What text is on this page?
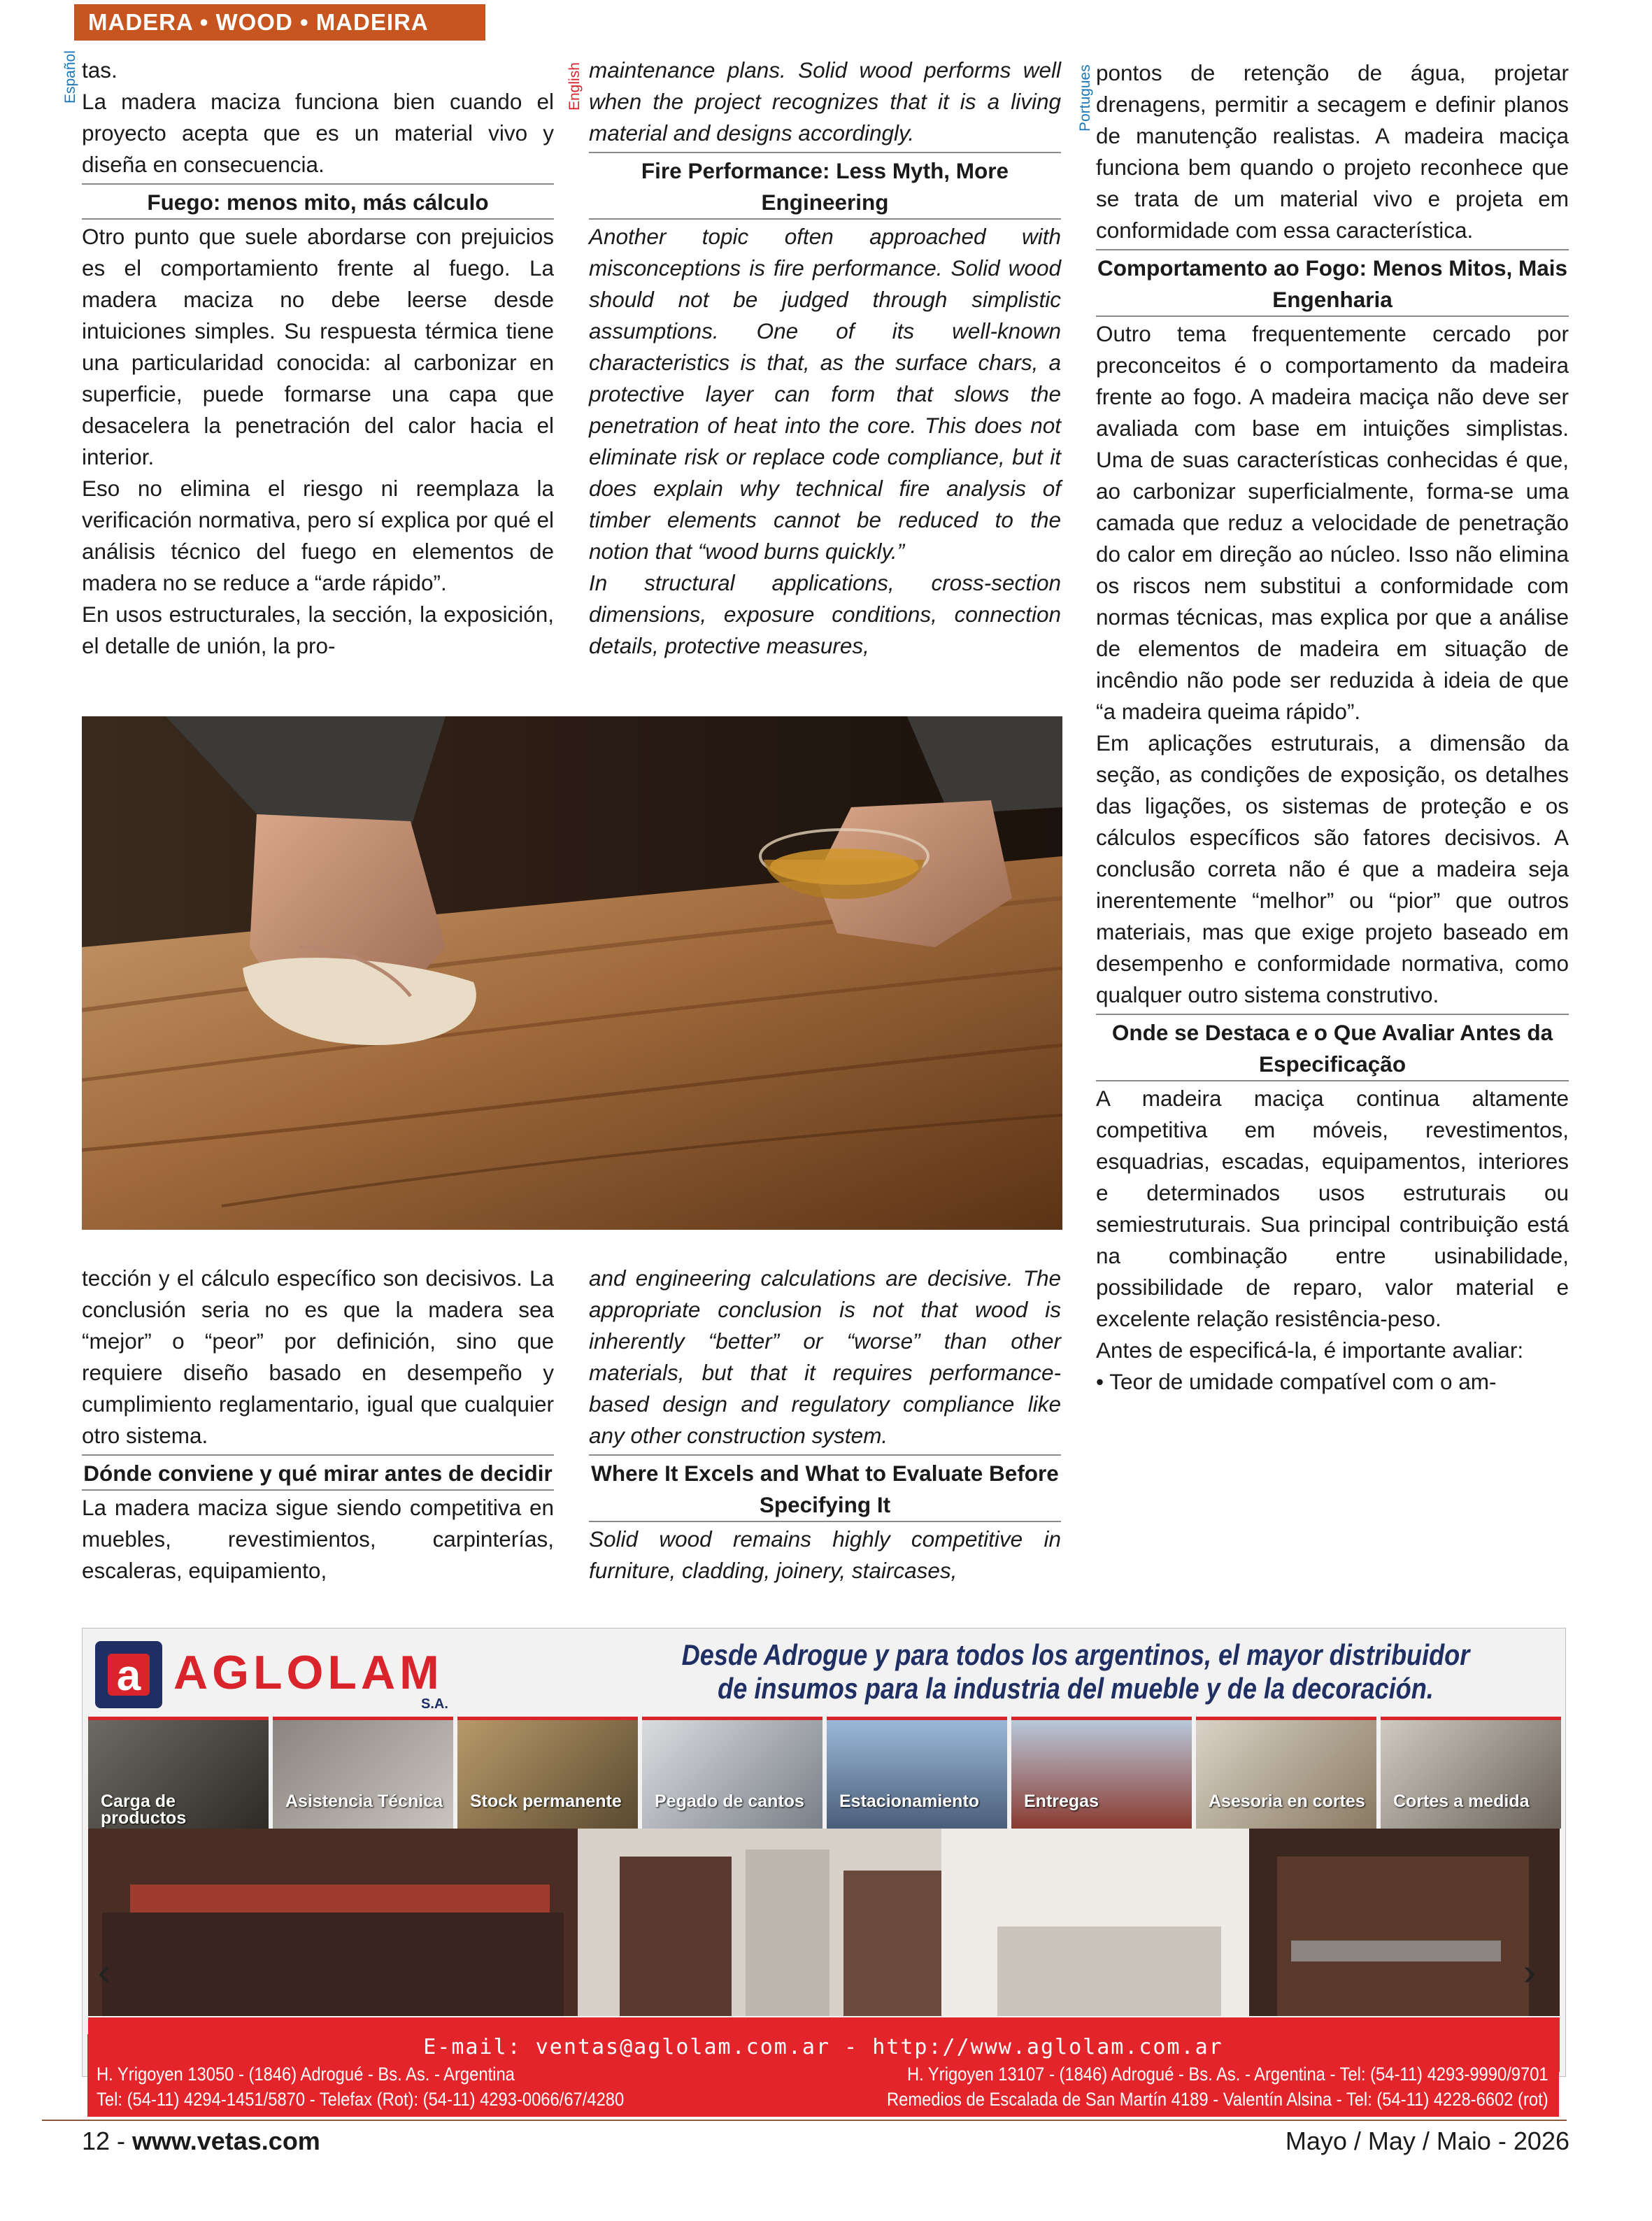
MADERA • WOOD • MADEIRA
Español	English	Portugues

tas.

La madera maciza funciona bien cuando el proyecto acepta que es un material vivo y diseña en consecuencia.

Fuego: menos mito, más cálculo

Otro punto que suele abordarse con prejuicios es el comportamiento frente al fuego. La madera maciza no debe leerse desde intuiciones simples. Su respuesta térmica tiene una particularidad conocida: al carbonizar en superficie, puede formarse una capa que desacelera la penetración del calor hacia el interior.

Eso no elimina el riesgo ni reemplaza la verificación normativa, pero sí explica por qué el análisis técnico del fuego en elementos de madera no se reduce a “arde rápido”.

En usos estructurales, la sección, la exposición, el detalle de unión, la pro-

maintenance plans. Solid wood performs well when the project recognizes that it is a living material and designs accordingly.

Fire Performance: Less Myth, More Engineering

Another topic often approached with misconceptions is fire performance. Solid wood should not be judged through simplistic assumptions. One of its well-known characteristics is that, as the surface chars, a protective layer can form that slows the penetration of heat into the core. This does not eliminate risk or replace code compliance, but it does explain why technical fire analysis of timber elements cannot be reduced to the notion that “wood burns quickly.”

In structural applications, cross-section dimensions, exposure conditions, connection details, protective measures,

pontos de retenção de água, projetar drenagens, permitir a secagem e definir planos de manutenção realistas. A madeira maciça funciona bem quando o projeto reconhece que se trata de um material vivo e projeta em conformidade com essa característica.

Comportamento ao Fogo: Menos Mitos, Mais Engenharia

Outro tema frequentemente cercado por preconceitos é o comportamento da madeira frente ao fogo. A madeira maciça não deve ser avaliada com base em intuições simplistas. Uma de suas características conhecidas é que, ao carbonizar superficialmente, forma-se uma camada que reduz a velocidade de penetração do calor em direção ao núcleo. Isso não elimina os riscos nem substitui a conformidade com normas técnicas, mas explica por que a análise de elementos de madeira em situação de incêndio não pode ser reduzida à ideia de que “a madeira queima rápido”.

Em aplicações estruturais, a dimensão da seção, as condições de exposição, os detalhes das ligações, os sistemas de proteção e os cálculos específicos são fatores decisivos. A conclusão correta não é que a madeira seja inerentemente “melhor” ou “pior” que outros materiais, mas que exige projeto baseado em desempenho e conformidade normativa, como qualquer outro sistema construtivo.

Onde se Destaca e o Que Avaliar Antes da Especificação

A madeira maciça continua altamente competitiva em móveis, revestimentos, esquadrias, escadas, equipamentos, interiores e determinados usos estruturais ou semiestruturais. Sua principal contribuição está na combinação entre usinabilidade, possibilidade de reparo, valor material e excelente relação resistência-peso.

Antes de especificá-la, é importante avaliar:

• Teor de umidade compatível com o am-

tección y el cálculo específico son decisivos. La conclusión seria no es que la madera sea “mejor” o “peor” por definición, sino que requiere diseño basado en desempeño y cumplimiento reglamentario, igual que cualquier otro sistema.

Dónde conviene y qué mirar antes de decidir

La madera maciza sigue siendo competitiva en muebles, revestimientos, carpinterías, escaleras, equipamiento,

and engineering calculations are decisive. The appropriate conclusion is not that wood is inherently “better” or “worse” than other materials, but that it requires performance-based design and regulatory compliance like any other construction system.

Where It Excels and What to Evaluate Before Specifying It

Solid wood remains highly competitive in furniture, cladding, joinery, staircases,

a AGLOLAM
S.A.
Desde Adrogue y para todos los argentinos, el mayor distribuidor
de insumos para la industria del mueble y de la decoración.
Carga de productos
Asistencia Técnica Stock permanente	Pegado de cantos	Estacionamiento	Entregas	Asesoria en cortes Cortes a medida
‹	›
E-mail: ventas@aglolam.com.ar - http://www.aglolam.com.ar
H. Yrigoyen 13050 - (1846) Adrogué - Bs. As. - Argentina
Tel: (54-11) 4294-1451/5870 - Telefax (Rot): (54-11) 4293-0066/67/4280
H. Yrigoyen 13107 - (1846) Adrogué - Bs. As. - Argentina - Tel: (54-11) 4293-9990/9701
Remedios de Escalada de San Martín 4189 - Valentín Alsina - Tel: (54-11) 4228-6602 (rot)
12 - www.vetas.com	Mayo / May / Maio - 2026
